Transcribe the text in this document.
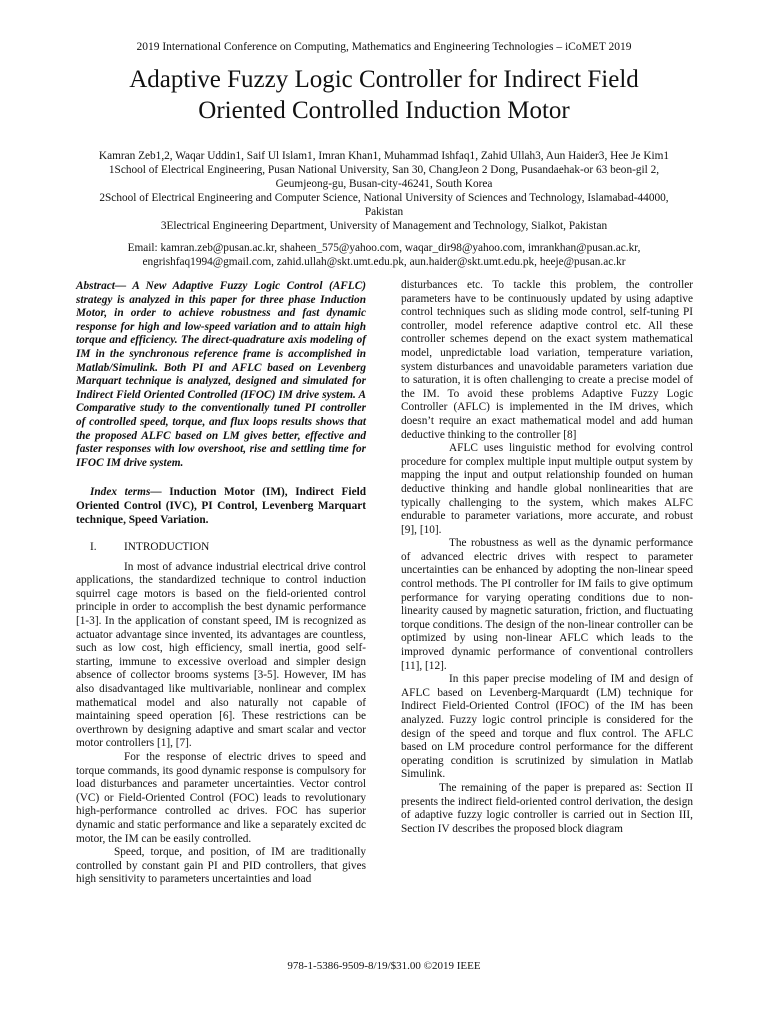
2019 International Conference on Computing, Mathematics and Engineering Technologies – iCoMET 2019
Adaptive Fuzzy Logic Controller for Indirect Field
Oriented Controlled Induction Motor
Kamran Zeb1,2, Waqar Uddin1, Saif Ul Islam1, Imran Khan1, Muhammad Ishfaq1, Zahid Ullah3, Aun Haider3, Hee Je Kim1
1School of Electrical Engineering, Pusan National University, San 30, ChangJeon 2 Dong, Pusandaehak-or 63 beon-gil 2,
Geumjeong-gu, Busan-city-46241, South Korea
2School of Electrical Engineering and Computer Science, National University of Sciences and Technology, Islamabad-44000,
Pakistan
3Electrical Engineering Department, University of Management and Technology, Sialkot, Pakistan
Email: kamran.zeb@pusan.ac.kr, shaheen_575@yahoo.com, waqar_dir98@yahoo.com, imrankhan@pusan.ac.kr,
engrishfaq1994@gmail.com, zahid.ullah@skt.umt.edu.pk, aun.haider@skt.umt.edu.pk, heeje@pusan.ac.kr
Abstract— A New Adaptive Fuzzy Logic Control (AFLC) strategy is analyzed in this paper for three phase Induction Motor, in order to achieve robustness and fast dynamic response for high and low-speed variation and to attain high torque and efficiency. The direct-quadrature axis modeling of IM in the synchronous reference frame is accomplished in Matlab/Simulink. Both PI and AFLC based on Levenberg Marquart technique is analyzed, designed and simulated for Indirect Field Oriented Controlled (IFOC) IM drive system. A Comparative study to the conventionally tuned PI controller of controlled speed, torque, and flux loops results shows that the proposed ALFC based on LM gives better, effective and faster responses with low overshoot, rise and settling time for IFOC IM drive system.
Index terms— Induction Motor (IM), Indirect Field Oriented Control (IVC), PI Control, Levenberg Marquart technique, Speed Variation.
I. INTRODUCTION

In most of advance industrial electrical drive control applications, the standardized technique to control induction squirrel cage motors is based on the field-oriented control principle in order to accomplish the best dynamic performance [1-3]. In the application of constant speed, IM is recognized as actuator advantage since invented, its advantages are countless, such as low cost, high efficiency, small inertia, good self-starting, immune to excessive overload and simpler design absence of collector brooms systems [3-5]. However, IM has also disadvantaged like multivariable, nonlinear and complex mathematical model and also naturally not capable of maintaining speed operation [6]. These restrictions can be overthrown by designing adaptive and smart scalar and vector motor controllers [1], [7].

For the response of electric drives to speed and torque commands, its good dynamic response is compulsory for load disturbances and parameter uncertainties. Vector control (VC) or Field-Oriented Control (FOC) leads to revolutionary high-performance controlled ac drives. FOC has superior dynamic and static performance and like a separately excited dc motor, the IM can be easily controlled.

Speed, torque, and position, of IM are traditionally controlled by constant gain PI and PID controllers, that gives high sensitivity to parameters uncertainties and load

disturbances etc. To tackle this problem, the controller parameters have to be continuously updated by using adaptive control techniques such as sliding mode control, self-tuning PI controller, model reference adaptive control etc. All these controller schemes depend on the exact system mathematical model, unpredictable load variation, temperature variation, system disturbances and unavoidable parameters variation due to saturation, it is often challenging to create a precise model of the IM. To avoid these problems Adaptive Fuzzy Logic Controller (AFLC) is implemented in the IM drives, which doesn’t require an exact mathematical model and add human deductive thinking to the controller [8]

AFLC uses linguistic method for evolving control procedure for complex multiple input multiple output system by mapping the input and output relationship founded on human deductive thinking and handle global nonlinearities that are typically challenging to the system, which makes ALFC endurable to parameter variations, more accurate, and robust [9], [10].

The robustness as well as the dynamic performance of advanced electric drives with respect to parameter uncertainties can be enhanced by adopting the non-linear speed control methods. The PI controller for IM fails to give optimum performance for varying operating conditions due to non-linearity caused by magnetic saturation, friction, and fluctuating torque conditions. The design of the non-linear controller can be optimized by using non-linear AFLC which leads to the improved dynamic performance of conventional controllers [11], [12].

In this paper precise modeling of IM and design of AFLC based on Levenberg-Marquardt (LM) technique for Indirect Field-Oriented Control (IFOC) of the IM has been analyzed. Fuzzy logic control principle is considered for the design of the speed and torque and flux control. The AFLC based on LM procedure control performance for the different operating condition is scrutinized by simulation in Matlab Simulink.

The remaining of the paper is prepared as: Section II presents the indirect field-oriented control derivation, the design of adaptive fuzzy logic controller is carried out in Section III, Section IV describes the proposed block diagram

978-1-5386-9509-8/19/$31.00 ©2019 IEEE
